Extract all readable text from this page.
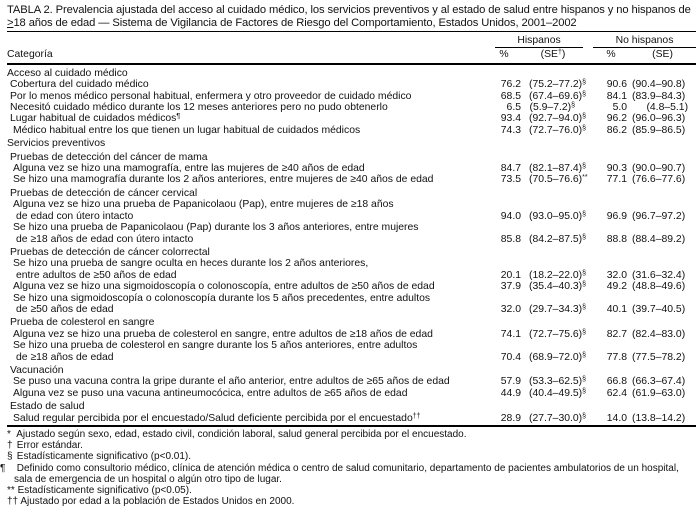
TABLA 2. Prevalencia ajustada del acceso al cuidado médico, los servicios preventivos y al estado de salud entre hispanos y no hispanos de >18 años de edad — Sistema de Vigilancia de Factores de Riesgo del Comportamiento, Estados Unidos, 2001–2002

	Hispanos			No hispanos	

Categoría	%	(SE†)		%	(SE)
Acceso al cuidado médico					
Cobertura del cuidado médico	76.2	(75.2–77.2)§		90.6	(90.4–90.8)
Por lo menos médico personal habitual, enfermera y otro proveedor de cuidado médico	68.5	(67.4–69.6)§		84.1	(83.9–84.3)
Necesitó cuidado médico durante los 12 meses anteriores pero no pudo obtenerlo	6.5	(5.9–7.2)§		5.0	(4.8–5.1)
Lugar habitual de cuidados médicos¶	93.4	(92.7–94.0)§		96.2	(96.0–96.3)
Médico habitual entre los que tienen un lugar habitual de cuidados médicos	74.3	(72.7–76.0)§		86.2	(85.9–86.5)
Servicios preventivos					
Pruebas de detección del cáncer de mama					
Alguna vez se hizo una mamografía, entre las mujeres de ≥40 años de edad	84.7	(82.1–87.4)§		90.3	(90.0–90.7)
Se hizo una mamografía durante los 2 años anteriores, entre mujeres de ≥40 años de edad	73.5	(70.5–76.6)**		77.1	(76.6–77.6)
Pruebas de detección de cáncer cervical					
Alguna vez se hizo una prueba de Papanicolaou (Pap), entre mujeres de ≥18 años					
de edad con útero intacto	94.0	(93.0–95.0)§		96.9	(96.7–97.2)
Se hizo una prueba de Papanicolaou (Pap) durante los 3 años anteriores, entre mujeres					
de ≥18 años de edad con útero intacto	85.8	(84.2–87.5)§		88.8	(88.4–89.2)
Pruebas de detección de cáncer colorrectal					
Se hizo una prueba de sangre oculta en heces durante los 2 años anteriores,					
entre adultos de ≥50 años de edad	20.1	(18.2–22.0)§		32.0	(31.6–32.4)
Alguna vez se hizo una sigmoidoscopía o colonoscopía, entre adultos de ≥50 años de edad	37.9	(35.4–40.3)§		49.2	(48.8–49.6)
Se hizo una sigmoidoscopía o colonoscopía durante los 5 años precedentes, entre adultos					
de ≥50 años de edad	32.0	(29.7–34.3)§		40.1	(39.7–40.5)
Prueba de colesterol en sangre					
Alguna vez se hizo una prueba de colesterol en sangre, entre adultos de ≥18 años de edad	74.1	(72.7–75.6)§		82.7	(82.4–83.0)
Se hizo una prueba de colesterol en sangre durante los 5 años anteriores, entre adultos					
de ≥18 años de edad	70.4	(68.9–72.0)§		77.8	(77.5–78.2)
Vacunación					
Se puso una vacuna contra la gripe durante el año anterior, entre adultos de ≥65 años de edad	57.9	(53.3–62.5)§		66.8	(66.3–67.4)
Alguna vez se puso una vacuna antineumocócica, entre adultos de ≥65 años de edad	44.9	(40.4–49.5)§		62.4	(61.9–63.0)
Estado de salud					
Salud regular percibida por el encuestado/Salud deficiente percibida por el encuestado††	28.9	(27.7–30.0)§		14.0	(13.8–14.2)
* Ajustado según sexo, edad, estado civil, condición laboral, salud general percibida por el encuestado.
† Error estándar.
§ Estadísticamente significativo (p<0.01).
¶ Definido como consultorio médico, clínica de atención médica o centro de salud comunitario, departamento de pacientes ambulatorios de un hospital, sala de emergencia de un hospital o algún otro tipo de lugar.
** Estadísticamente significativo (p<0.05).
†† Ajustado por edad a la población de Estados Unidos en 2000.
